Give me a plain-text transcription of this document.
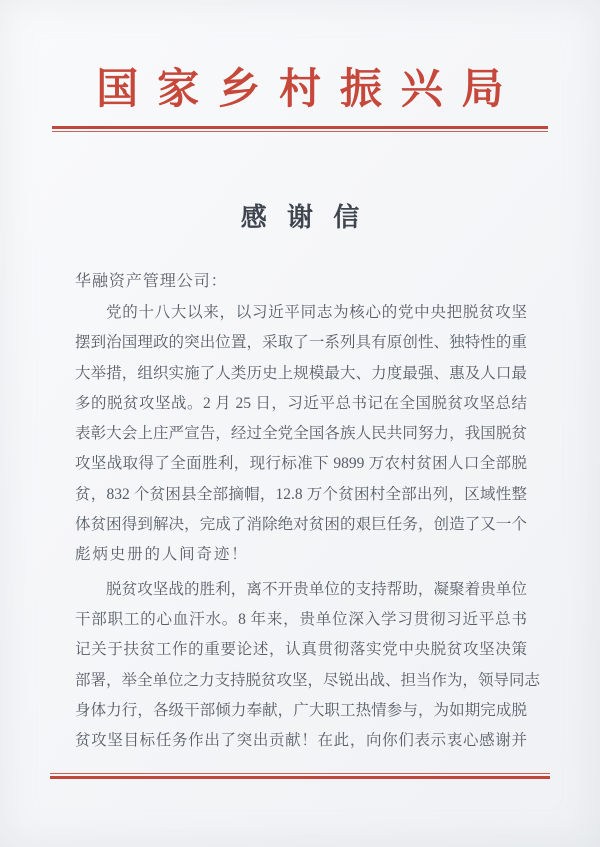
国家乡村振兴局
感谢信
华融资产管理公司：
党的十八大以来，以习近平同志为核心的党中央把脱贫攻坚
摆到治国理政的突出位置，采取了一系列具有原创性、独特性的重
大举措，组织实施了人类历史上规模最大、力度最强、惠及人口最
多的脱贫攻坚战。2 月 25 日，习近平总书记在全国脱贫攻坚总结
表彰大会上庄严宣告，经过全党全国各族人民共同努力，我国脱贫
攻坚战取得了全面胜利，现行标准下 9899 万农村贫困人口全部脱
贫，832 个贫困县全部摘帽，12.8 万个贫困村全部出列，区域性整
体贫困得到解决，完成了消除绝对贫困的艰巨任务，创造了又一个
彪炳史册的人间奇迹！
脱贫攻坚战的胜利，离不开贵单位的支持帮助，凝聚着贵单位
干部职工的心血汗水。8 年来，贵单位深入学习贯彻习近平总书
记关于扶贫工作的重要论述，认真贯彻落实党中央脱贫攻坚决策
部署，举全单位之力支持脱贫攻坚，尽锐出战、担当作为，领导同志
身体力行，各级干部倾力奉献，广大职工热情参与，为如期完成脱
贫攻坚目标任务作出了突出贡献！在此，向你们表示衷心感谢并
